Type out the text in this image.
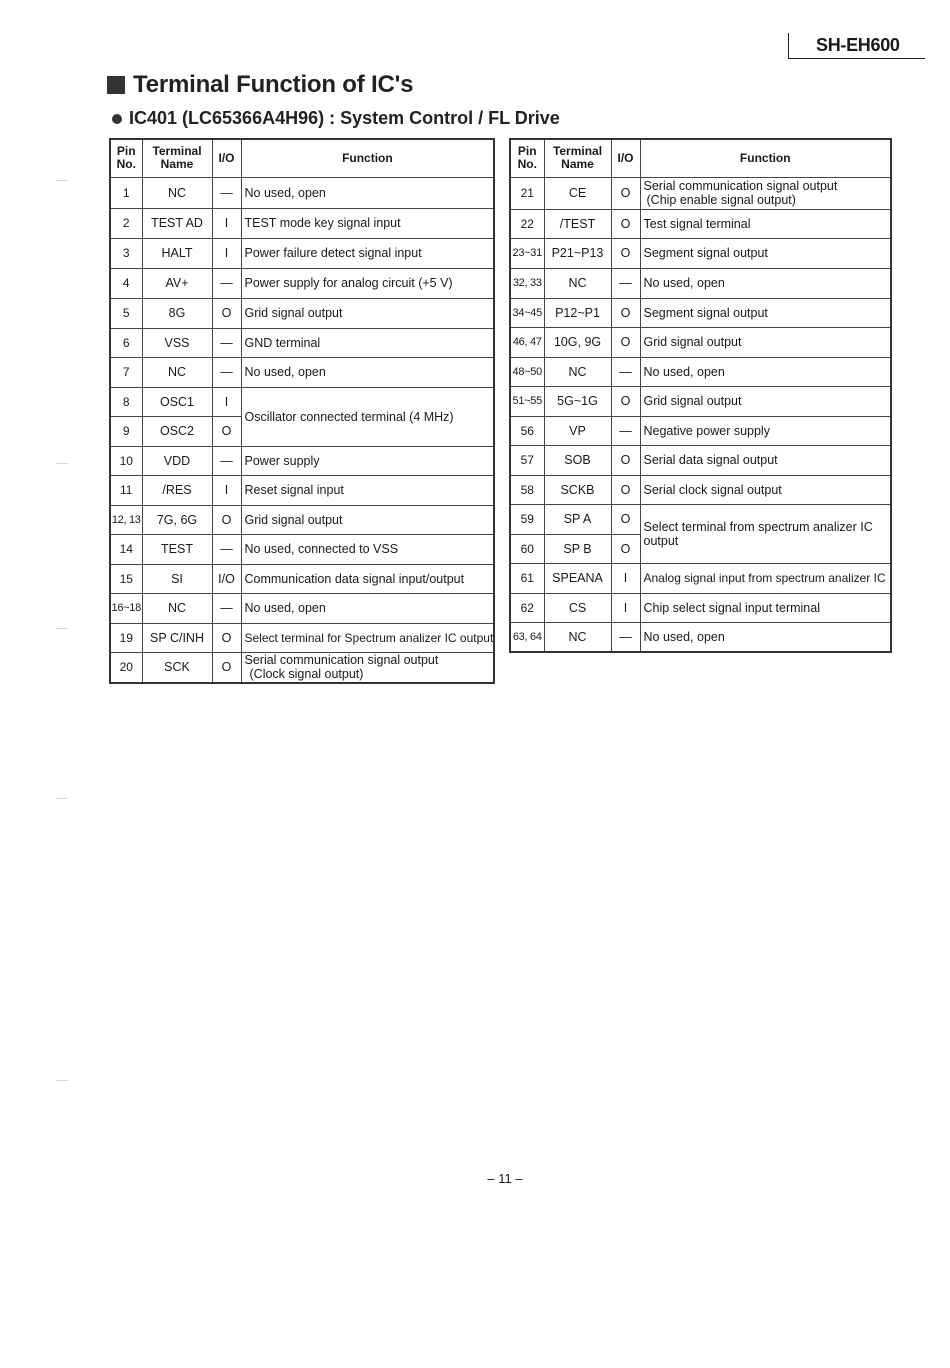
SH-EH600
Terminal Function of IC's
IC401 (LC65366A4H96) : System Control / FL Drive
Pin
No.	Terminal
Name	I/O	Function
1	NC	—	No used, open
2	TEST AD	I	TEST mode key signal input
3	HALT	I	Power failure detect signal input
4	AV+	—	Power supply for analog circuit (+5 V)
5	8G	O	Grid signal output
6	VSS	—	GND terminal
7	NC	—	No used, open
8	OSC1	I	Oscillator connected terminal (4 MHz)
9	OSC2	O	
10	VDD	—	Power supply
11	/RES	I	Reset signal input
12, 13	7G, 6G	O	Grid signal output
14	TEST	—	No used, connected to VSS
15	SI	I/O	Communication data signal input/output
16~18	NC	—	No used, open
19	SP C/INH	O	Select terminal for Spectrum analizer IC output
20	SCK	O	Serial communication signal output
(Clock signal output)
Pin
No.	Terminal
Name	I/O	Function
21	CE	O	Serial communication signal output
(Chip enable signal output)

22	/TEST	O	Test signal terminal
23~31	P21~P13	O	Segment signal output
32, 33	NC	—	No used, open
34~45	P12~P1	O	Segment signal output
46, 47	10G, 9G	O	Grid signal output
48~50	NC	—	No used, open
51~55	5G~1G	O	Grid signal output
56	VP	—	Negative power supply
57	SOB	O	Serial data signal output
58	SCKB	O	Serial clock signal output
59	SP A	O	Select terminal from spectrum analizer IC
output

60	SP B	O	
61	SPEANA	I	Analog signal input from spectrum analizer IC
62	CS	I	Chip select signal input terminal
63, 64	NC	—	No used, open
– 11 –
